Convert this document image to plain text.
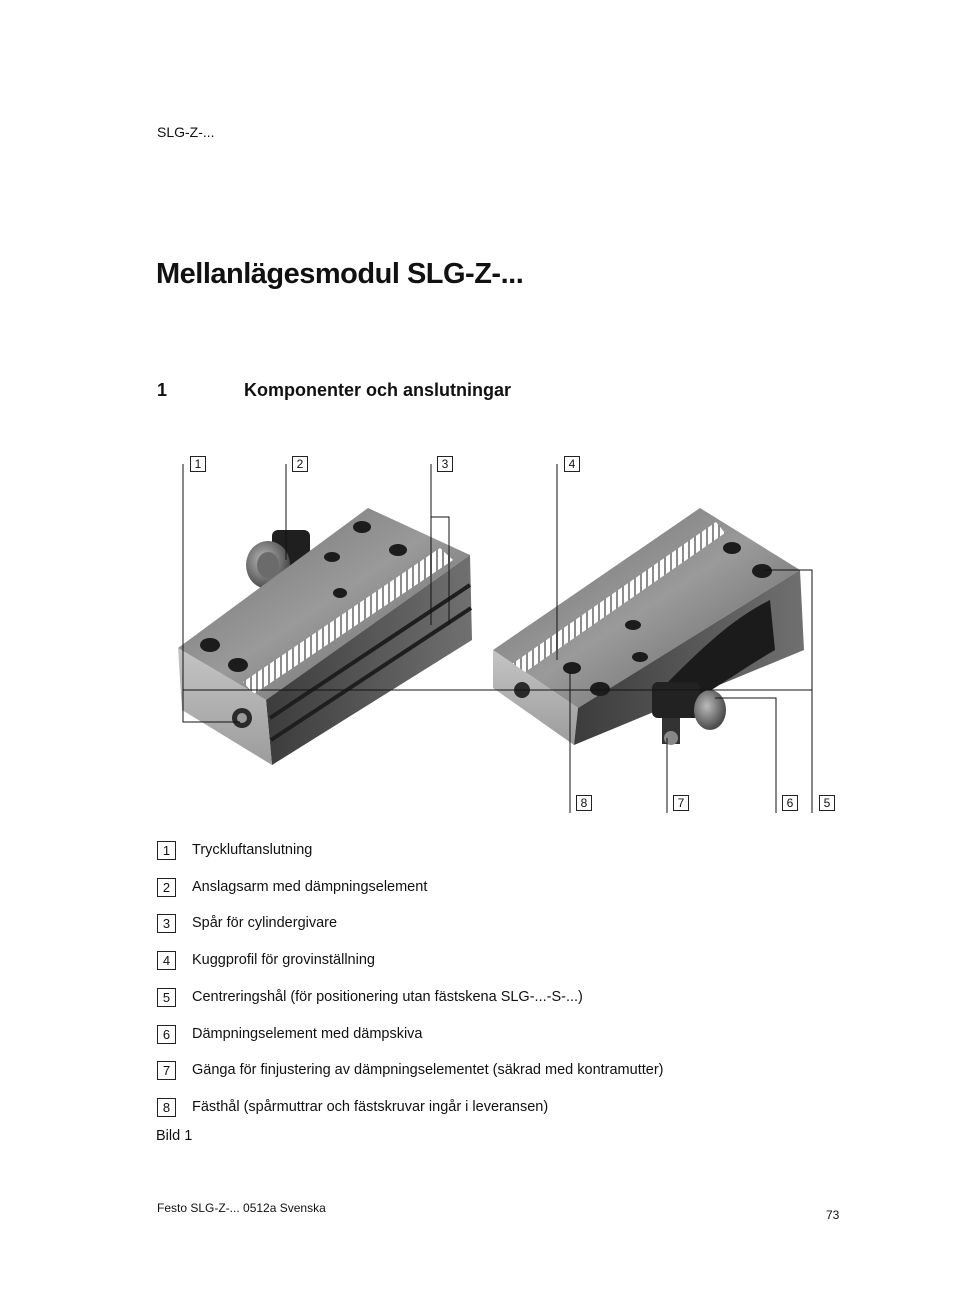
SLG-Z-...
Mellanlägesmodul SLG-Z-...
1	Komponenter och anslutningar
1	2	3	4
8	7	6	5
1	Tryckluftanslutning
2	Anslagsarm med dämpningselement
3	Spår för cylindergivare
4	Kuggprofil för grovinställning
5	Centreringshål (för positionering utan fästskena SLG-...-S-...)
6	Dämpningselement med dämpskiva
7	Gänga för finjustering av dämpningselementet (säkrad med kontramutter)
8	Fästhål (spårmuttrar och fästskruvar ingår i leveransen)
Bild 1
Festo SLG-Z-... 0512a Svenska	73
